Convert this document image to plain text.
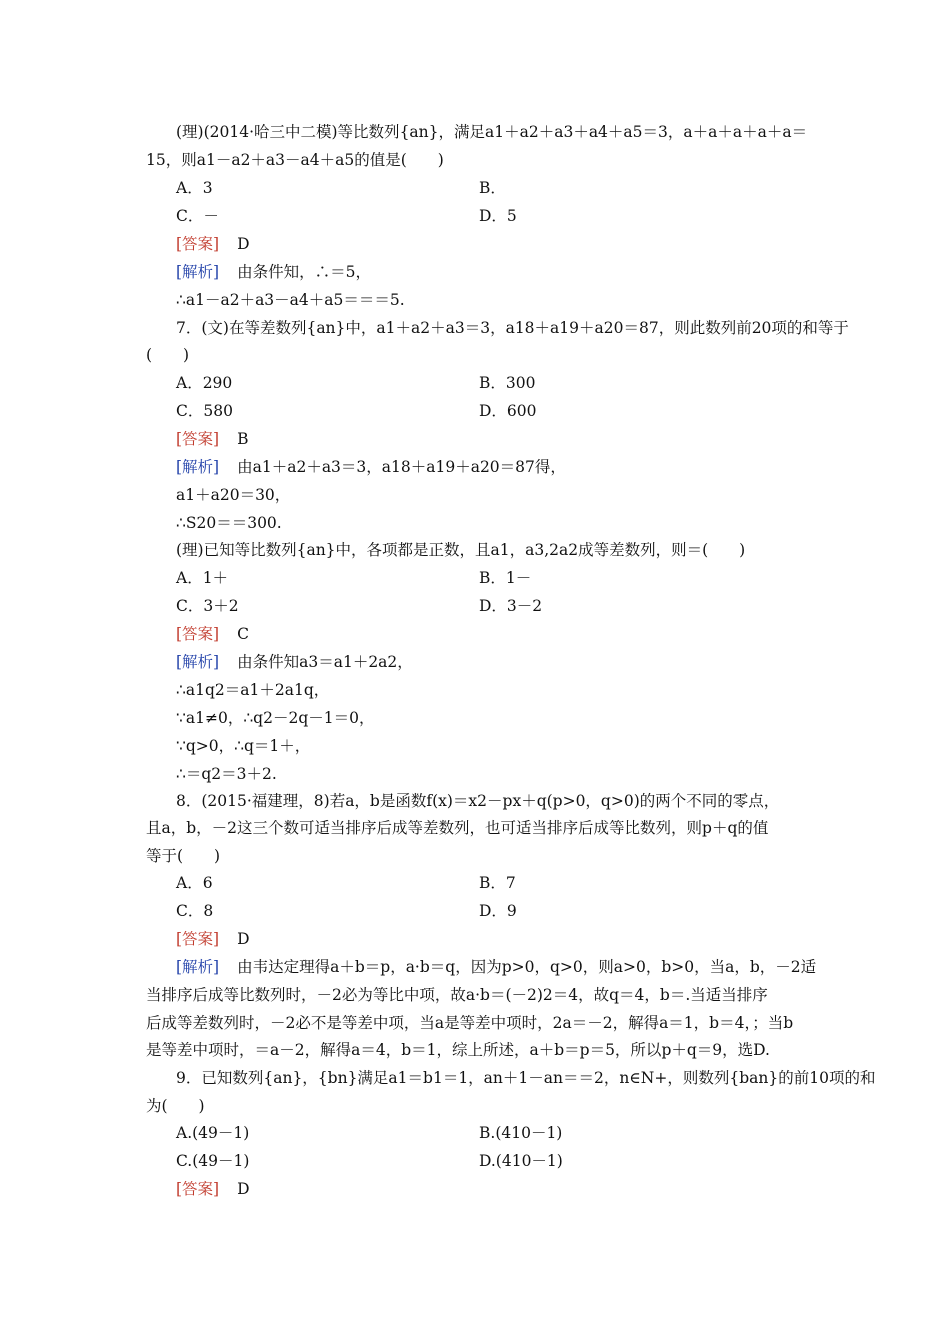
(理)(2014·哈三中二模)等比数列{an}，满足a1＋a2＋a3＋a4＋a5＝3，a＋a＋a＋a＋a＝
15，则a1－a2＋a3－a4＋a5的值是(　　)
A．3	B．
C．－	D．5
[答案] D
[解析] 由条件知，∴＝5，
∴a1－a2＋a3－a4＋a5＝＝＝5.
7．(文)在等差数列{an}中，a1＋a2＋a3＝3，a18＋a19＋a20＝87，则此数列前20项的和等于
(　　)
A．290	B．300
C．580	D．600
[答案] B
[解析] 由a1＋a2＋a3＝3，a18＋a19＋a20＝87得，
a1＋a20＝30，
∴S20＝＝300.
(理)已知等比数列{an}中，各项都是正数，且a1，a3,2a2成等差数列，则＝(　　)
A．1＋	B．1－
C．3＋2	D．3－2
[答案] C
[解析] 由条件知a3＝a1＋2a2，
∴a1q2＝a1＋2a1q，
∵a1≠0，∴q2－2q－1＝0，
∵q>0，∴q＝1＋，
∴＝q2＝3＋2.
8．(2015·福建理，8)若a，b是函数f(x)＝x2－px＋q(p>0，q>0)的两个不同的零点，
且a，b，－2这三个数可适当排序后成等差数列，也可适当排序后成等比数列，则p＋q的值
等于(　　)
A．6	B．7
C．8	D．9
[答案] D
[解析] 由韦达定理得a＋b＝p，a·b＝q，因为p>0，q>0，则a>0，b>0，当a，b，－2适
当排序后成等比数列时，－2必为等比中项，故a·b＝(－2)2＝4，故q＝4，b＝.当适当排序
后成等差数列时，－2必不是等差中项，当a是等差中项时，2a＝－2，解得a＝1，b＝4，；当b
是等差中项时，＝a－2，解得a＝4，b＝1，综上所述，a＋b＝p＝5，所以p＋q＝9，选D.
9．已知数列{an}，{bn}满足a1＝b1＝1，an＋1－an＝＝2，n∈N+，则数列{ban}的前10项的和
为(　　)
A.(49－1)	B.(410－1)
C.(49－1)	D.(410－1)
[答案] D
